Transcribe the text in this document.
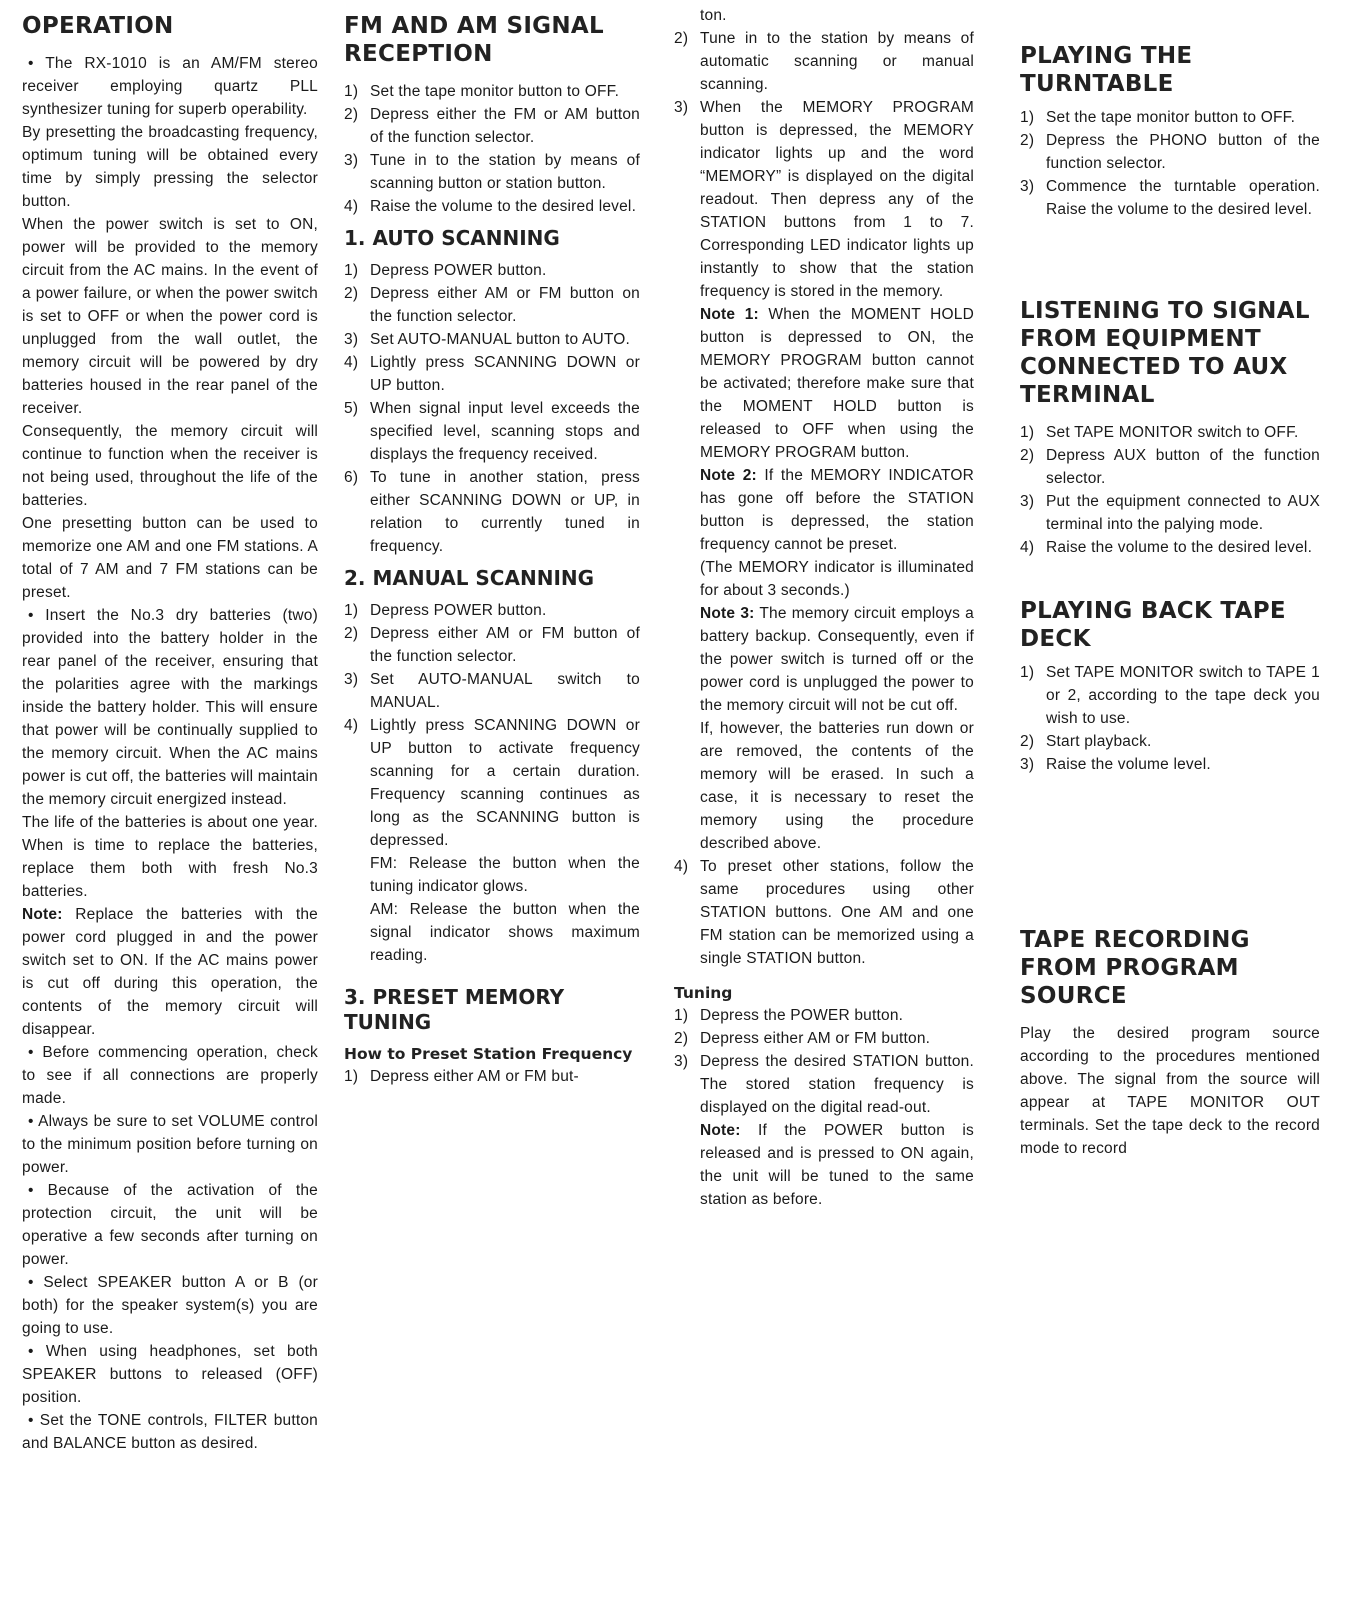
OPERATION

• The RX-1010 is an AM/FM stereo receiver employing quartz PLL synthesizer tuning for superb operability.

By presetting the broadcasting frequency, optimum tuning will be obtained every time by simply pressing the selector button.

When the power switch is set to ON, power will be provided to the memory circuit from the AC mains. In the event of a power failure, or when the power switch is set to OFF or when the power cord is unplugged from the wall outlet, the memory circuit will be powered by dry batteries housed in the rear panel of the receiver.

Consequently, the memory circuit will continue to function when the receiver is not being used, throughout the life of the batteries.

One presetting button can be used to memorize one AM and one FM stations. A total of 7 AM and 7 FM stations can be preset.

• Insert the No.3 dry batteries (two) provided into the battery holder in the rear panel of the receiver, ensuring that the polarities agree with the markings inside the battery holder. This will ensure that power will be continually supplied to the memory circuit. When the AC mains power is cut off, the batteries will maintain the memory circuit energized instead.

The life of the batteries is about one year. When is time to replace the batteries, replace them both with fresh No.3 batteries.

Note: Replace the batteries with the power cord plugged in and the power switch set to ON. If the AC mains power is cut off during this operation, the contents of the memory circuit will disappear.

• Before commencing operation, check to see if all connections are properly made.

• Always be sure to set VOLUME control to the minimum position before turning on power.

• Because of the activation of the protection circuit, the unit will be operative a few seconds after turning on power.

• Select SPEAKER button A or B (or both) for the speaker system(s) you are going to use.

• When using headphones, set both SPEAKER buttons to released (OFF) position.

• Set the TONE controls, FILTER button and BALANCE button as desired.

FM AND AM SIGNAL RECEPTION
1) Set the tape monitor button to OFF.
2) Depress either the FM or AM button of the function selector.
3) Tune in to the station by means of scanning button or station button.
4) Raise the volume to the desired level.
1. AUTO SCANNING
1) Depress POWER button.
2) Depress either AM or FM button on the function selector.
3) Set AUTO-MANUAL button to AUTO.
4) Lightly press SCANNING DOWN or UP button.
5) When signal input level exceeds the specified level, scanning stops and displays the frequency received.
6) To tune in another station, press either SCANNING DOWN or UP, in relation to currently tuned in frequency.
2. MANUAL SCANNING
1) Depress POWER button.
2) Depress either AM or FM button of the function selector.
3) Set AUTO-MANUAL switch to MANUAL.
4) Lightly press SCANNING DOWN or UP button to activate frequency scanning for a certain duration. Frequency scanning continues as long as the SCANNING button is depressed.
FM: Release the button when the tuning indicator glows.
AM: Release the button when the signal indicator shows maximum reading.
3. PRESET MEMORY TUNING
How to Preset Station Frequency
1) Depress either AM or FM but-
ton.
2) Tune in to the station by means of automatic scanning or manual scanning.
3) When the MEMORY PROGRAM button is depressed, the MEMORY indicator lights up and the word “MEMORY” is displayed on the digital readout. Then depress any of the STATION buttons from 1 to 7. Corresponding LED indicator lights up instantly to show that the station frequency is stored in the memory.
Note 1: When the MOMENT HOLD button is depressed to ON, the MEMORY PROGRAM button cannot be activated; therefore make sure that the MOMENT HOLD button is released to OFF when using the MEMORY PROGRAM button.
Note 2: If the MEMORY INDICATOR has gone off before the STATION button is depressed, the station frequency cannot be preset.
(The MEMORY indicator is illuminated for about 3 seconds.)
Note 3: The memory circuit employs a battery backup. Consequently, even if the power switch is turned off or the power cord is unplugged the power to the memory circuit will not be cut off.
If, however, the batteries run down or are removed, the contents of the memory will be erased. In such a case, it is necessary to reset the memory using the procedure described above.
4) To preset other stations, follow the same procedures using other STATION buttons. One AM and one FM station can be memorized using a single STATION button.
Tuning
1) Depress the POWER button.
2) Depress either AM or FM button.
3) Depress the desired STATION button. The stored station frequency is displayed on the digital read-out.
Note: If the POWER button is released and is pressed to ON again, the unit will be tuned to the same station as before.
PLAYING THE TURNTABLE
1) Set the tape monitor button to OFF.
2) Depress the PHONO button of the function selector.
3) Commence the turntable operation. Raise the volume to the desired level.
LISTENING TO SIGNAL FROM EQUIPMENT CONNECTED TO AUX TERMINAL
1) Set TAPE MONITOR switch to OFF.
2) Depress AUX button of the function selector.
3) Put the equipment connected to AUX terminal into the palying mode.
4) Raise the volume to the desired level.
PLAYING BACK TAPE DECK
1) Set TAPE MONITOR switch to TAPE 1 or 2, according to the tape deck you wish to use.
2) Start playback.
3) Raise the volume level.
TAPE RECORDING FROM PROGRAM SOURCE

Play the desired program source according to the procedures mentioned above. The signal from the source will appear at TAPE MONITOR OUT terminals. Set the tape deck to the record mode to record
